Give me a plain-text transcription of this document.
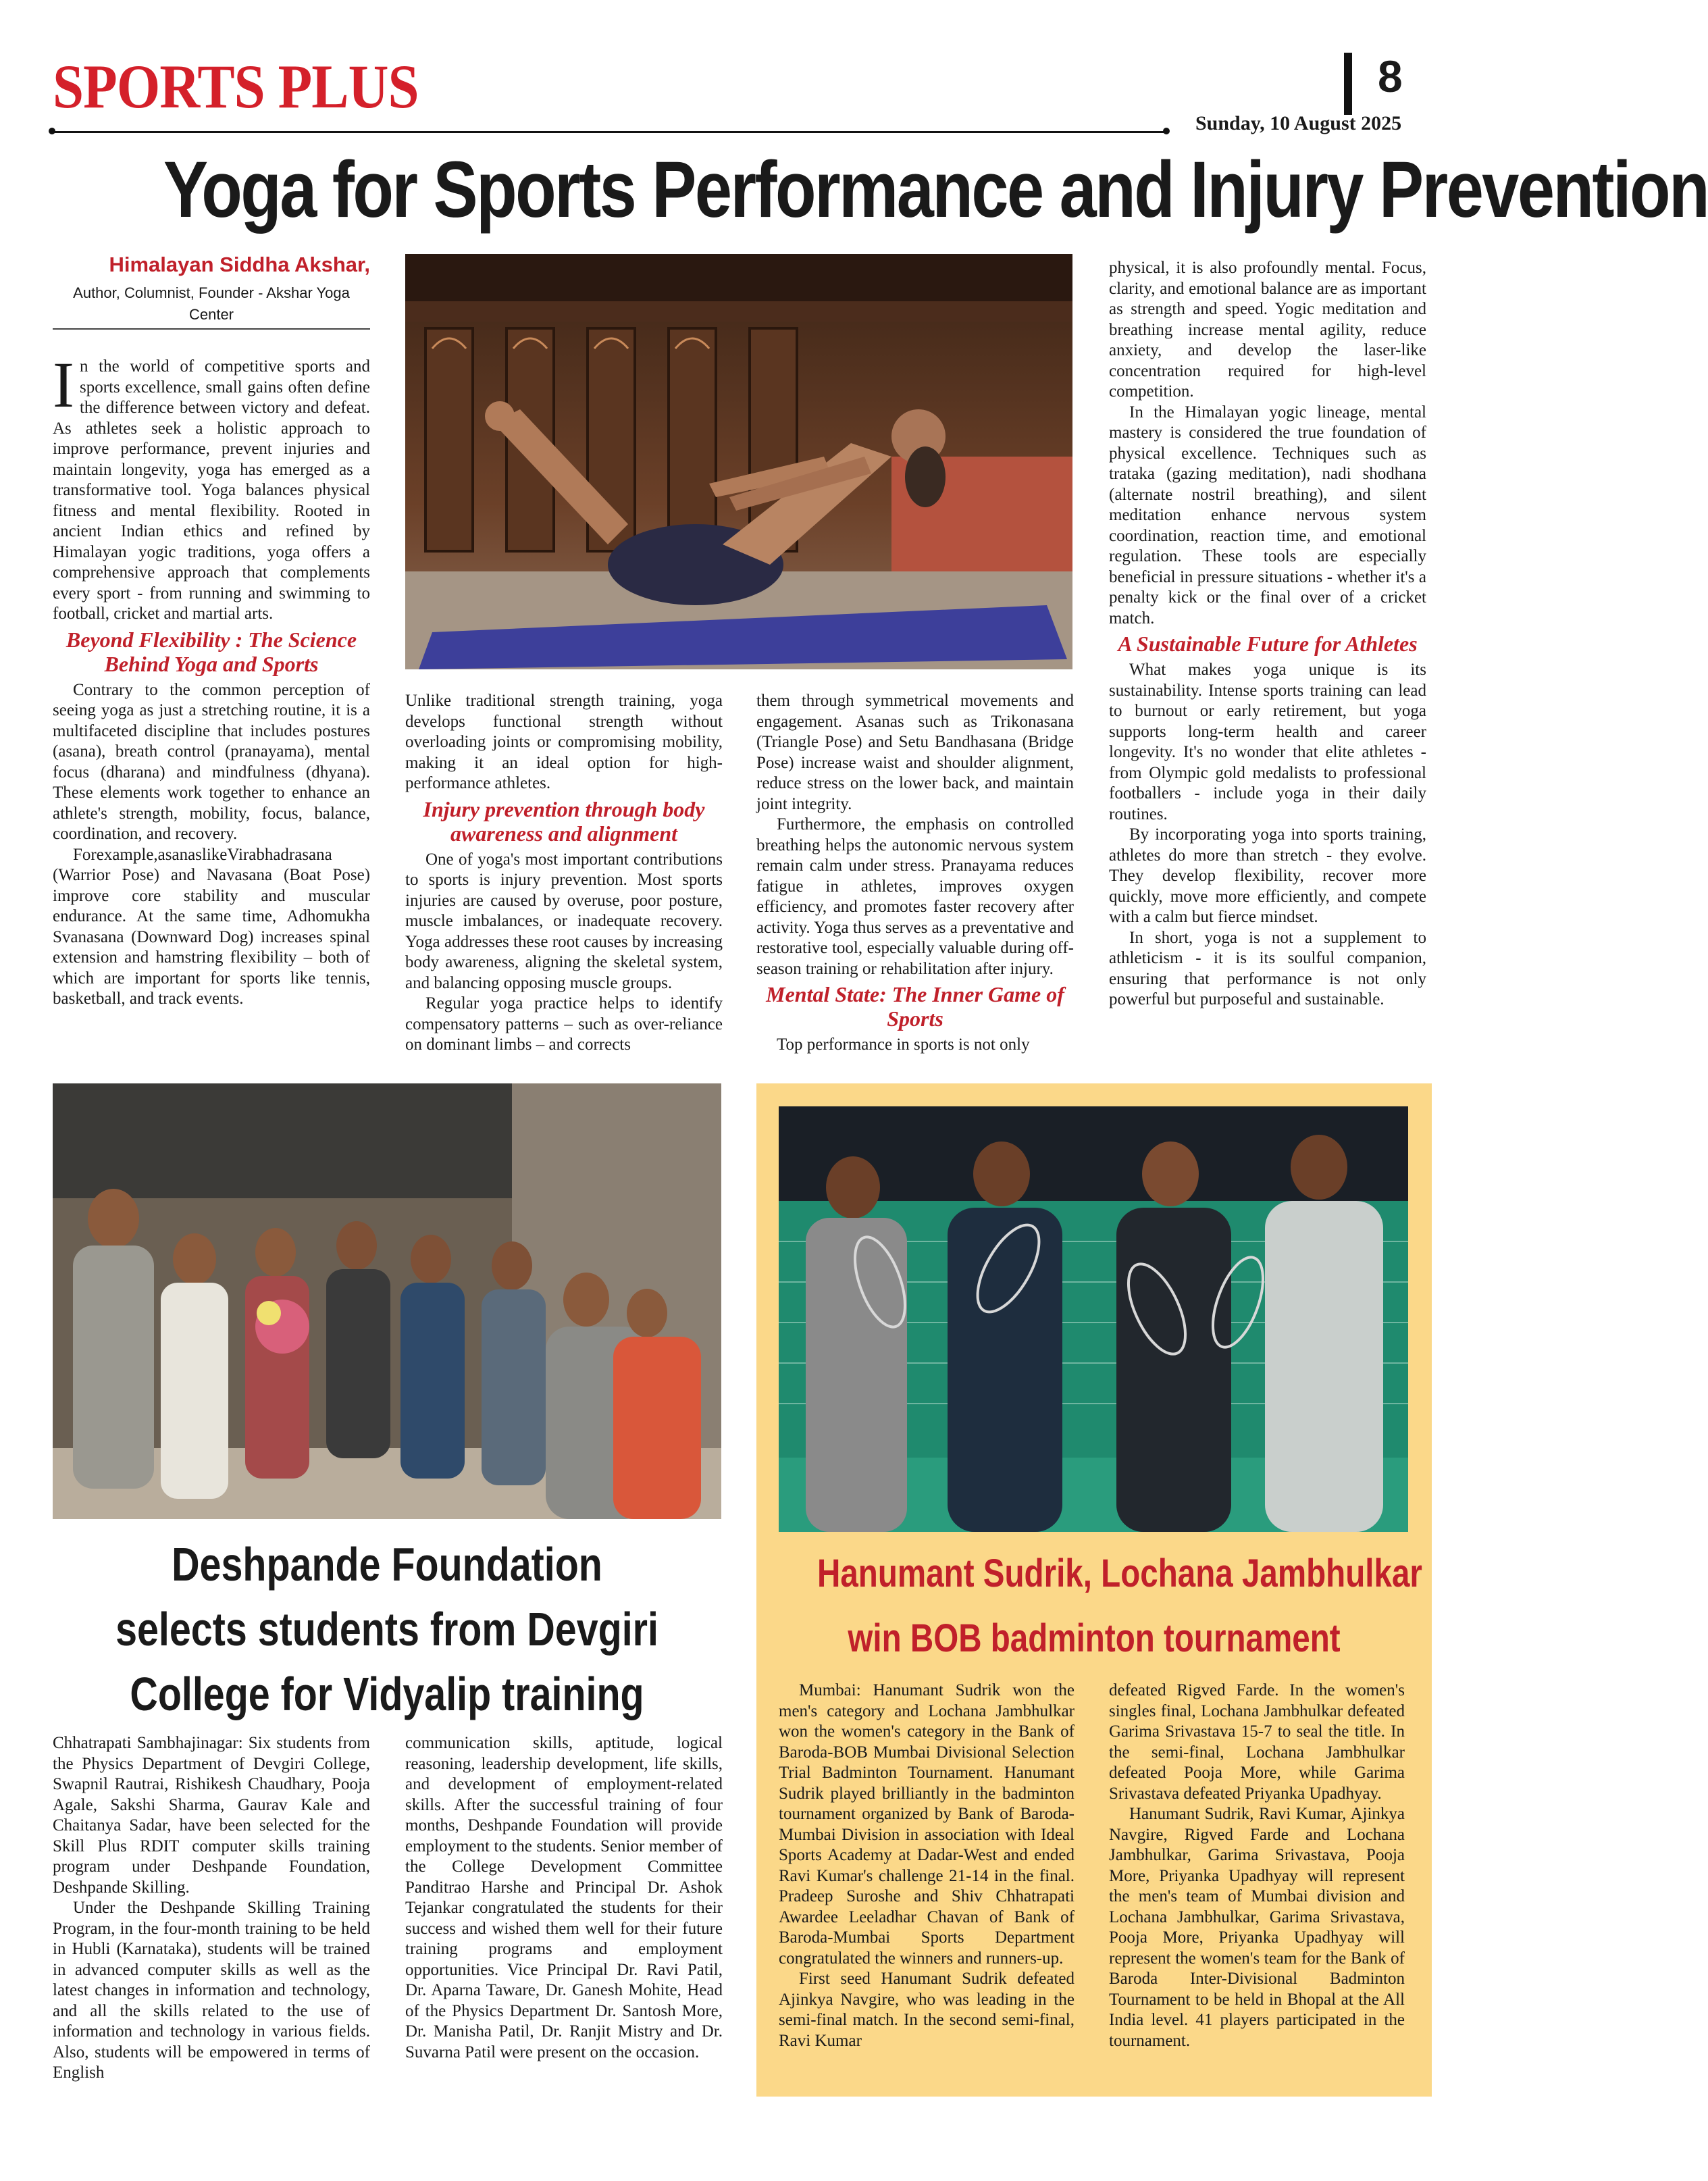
SPORTS PLUS	8
Sunday, 10 August 2025
Yoga for Sports Performance and Injury Prevention
Himalayan Siddha Akshar,
Author, Columnist, Founder - Akshar Yoga Center

In the world of competitive sports and sports excellence, small gains often define the difference between victory and defeat. As athletes seek a holistic approach to improve performance, prevent injuries and maintain longevity, yoga has emerged as a transformative tool. Yoga balances physical fitness and mental flexibility. Rooted in ancient Indian ethics and refined by Himalayan yogic traditions, yoga offers a comprehensive approach that complements every sport - from running and swimming to football, cricket and martial arts.

Beyond Flexibility : The Science Behind Yoga and Sports

Contrary to the common perception of seeing yoga as just a stretching routine, it is a multifaceted discipline that includes postures (asana), breath control (pranayama), mental focus (dharana) and mindfulness (dhyana). These elements work together to enhance an athlete's strength, mobility, focus, balance, coordination, and recovery.

Forexample,asanaslikeVirabhadrasana (Warrior Pose) and Navasana (Boat Pose) improve core stability and muscular endurance. At the same time, Adhomukha Svanasana (Downward Dog) increases spinal extension and hamstring flexibility – both of which are important for sports like tennis, basketball, and track events.

Unlike traditional strength training, yoga develops functional strength without overloading joints or compromising mobility, making it an ideal option for high-performance athletes.

Injury prevention through body awareness and alignment

One of yoga's most important contributions to sports is injury prevention. Most sports injuries are caused by overuse, poor posture, muscle imbalances, or inadequate recovery. Yoga addresses these root causes by increasing body awareness, aligning the skeletal system, and balancing opposing muscle groups.

Regular yoga practice helps to identify compensatory patterns – such as over-reliance on dominant limbs – and corrects

them through symmetrical movements and engagement. Asanas such as Trikonasana (Triangle Pose) and Setu Bandhasana (Bridge Pose) increase waist and shoulder alignment, reduce stress on the lower back, and maintain joint integrity.

Furthermore, the emphasis on controlled breathing helps the autonomic nervous system remain calm under stress. Pranayama reduces fatigue in athletes, improves oxygen efficiency, and promotes faster recovery after activity. Yoga thus serves as a preventative and restorative tool, especially valuable during off-season training or rehabilitation after injury.

Mental State: The Inner Game of Sports

Top performance in sports is not only

physical, it is also profoundly mental. Focus, clarity, and emotional balance are as important as strength and speed. Yogic meditation and breathing increase mental agility, reduce anxiety, and develop the laser-like concentration required for high-level competition.

In the Himalayan yogic lineage, mental mastery is considered the true foundation of physical excellence. Techniques such as trataka (gazing meditation), nadi shodhana (alternate nostril breathing), and silent meditation enhance nervous system coordination, reaction time, and emotional regulation. These tools are especially beneficial in pressure situations - whether it's a penalty kick or the final over of a cricket match.

A Sustainable Future for Athletes

What makes yoga unique is its sustainability. Intense sports training can lead to burnout or early retirement, but yoga supports long-term health and career longevity. It's no wonder that elite athletes - from Olympic gold medalists to professional footballers - include yoga in their daily routines.

By incorporating yoga into sports training, athletes do more than stretch - they evolve. They develop flexibility, recover more quickly, move more efficiently, and compete with a calm but fierce mindset.

In short, yoga is not a supplement to athleticism - it is its soulful companion, ensuring that performance is not only powerful but purposeful and sustainable.

Deshpande Foundation selects students from Devgiri College for Vidyalip training

Chhatrapati Sambhajinagar: Six students from the Physics Department of Devgiri College, Swapnil Rautrai, Rishikesh Chaudhary, Pooja Agale, Sakshi Sharma, Gaurav Kale and Chaitanya Sadar, have been selected for the Skill Plus RDIT computer skills training program under Deshpande Foundation, Deshpande Skilling.

Under the Deshpande Skilling Training Program, in the four-month training to be held in Hubli (Karnataka), students will be trained in advanced computer skills as well as the latest changes in information and technology, and all the skills related to the use of information and technology in various fields. Also, students will be empowered in terms of English

communication skills, aptitude, logical reasoning, leadership development, life skills, and development of employment-related skills. After the successful training of four months, Deshpande Foundation will provide employment to the students. Senior member of the College Development Committee Panditrao Harshe and Principal Dr. Ashok Tejankar congratulated the students for their success and wished them well for their future training programs and employment opportunities. Vice Principal Dr. Ravi Patil, Dr. Aparna Taware, Dr. Ganesh Mohite, Head of the Physics Department Dr. Santosh More, Dr. Manisha Patil, Dr. Ranjit Mistry and Dr. Suvarna Patil were present on the occasion.

Hanumant Sudrik, Lochana Jambhulkar
win BOB badminton tournament

Mumbai: Hanumant Sudrik won the men's category and Lochana Jambhulkar won the women's category in the Bank of Baroda-BOB Mumbai Divisional Selection Trial Badminton Tournament. Hanumant Sudrik played brilliantly in the badminton tournament organized by Bank of Baroda-Mumbai Division in association with Ideal Sports Academy at Dadar-West and ended Ravi Kumar's challenge 21-14 in the final. Pradeep Suroshe and Shiv Chhatrapati Awardee Leeladhar Chavan of Bank of Baroda-Mumbai Sports Department congratulated the winners and runners-up.

First seed Hanumant Sudrik defeated Ajinkya Navgire, who was leading in the semi-final match. In the second semi-final, Ravi Kumar

defeated Rigved Farde. In the women's singles final, Lochana Jambhulkar defeated Garima Srivastava 15-7 to seal the title. In the semi-final, Lochana Jambhulkar defeated Pooja More, while Garima Srivastava defeated Priyanka Upadhyay.

Hanumant Sudrik, Ravi Kumar, Ajinkya Navgire, Rigved Farde and Lochana Jambhulkar, Garima Srivastava, Pooja More, Priyanka Upadhyay will represent the men's team of Mumbai division and Lochana Jambhulkar, Garima Srivastava, Pooja More, Priyanka Upadhyay will represent the women's team for the Bank of Baroda Inter-Divisional Badminton Tournament to be held in Bhopal at the All India level. 41 players participated in the tournament.
